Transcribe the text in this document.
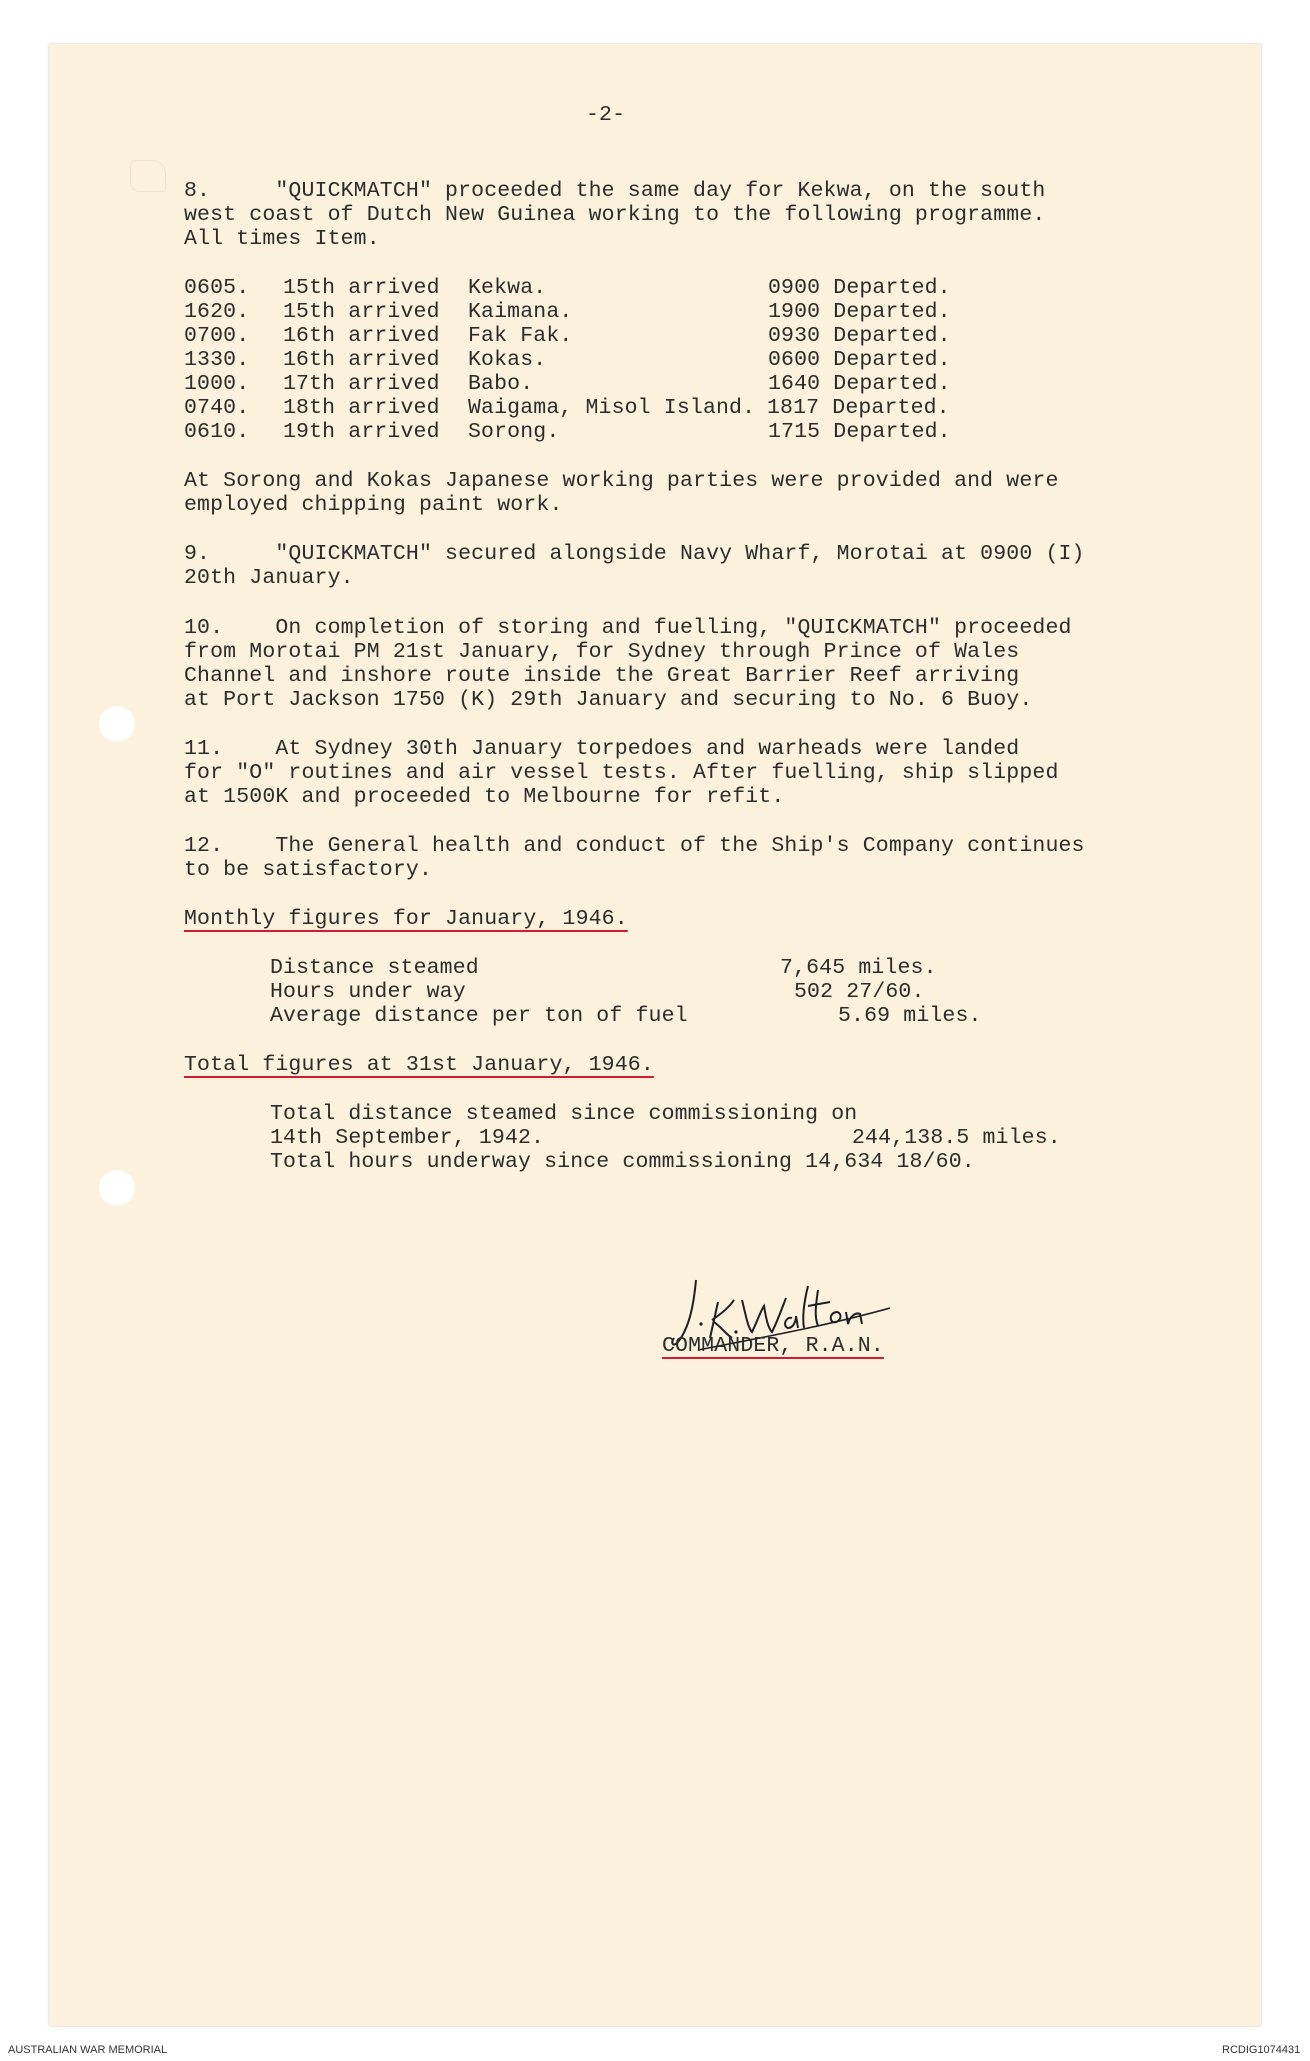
-2-
8.     "QUICKMATCH" proceeded the same day for Kekwa, on the south
west coast of Dutch New Guinea working to the following programme.
All times Item.
0605. 15th arrived Kekwa.	0900 Departed.
1620. 15th arrived Kaimana.	1900 Departed.
0700. 16th arrived Fak Fak.	0930 Departed.
1330. 16th arrived Kokas.	0600 Departed.
1000. 17th arrived Babo.	1640 Departed.
0740. 18th arrived Waigama, Misol Island. 1817 Departed.
0610. 19th arrived Sorong.	1715 Departed.
At Sorong and Kokas Japanese working parties were provided and were
employed chipping paint work.
9.     "QUICKMATCH" secured alongside Navy Wharf, Morotai at 0900 (I)
20th January.
10.    On completion of storing and fuelling, "QUICKMATCH" proceeded
from Morotai PM 21st January, for Sydney through Prince of Wales
Channel and inshore route inside the Great Barrier Reef arriving
at Port Jackson 1750 (K) 29th January and securing to No. 6 Buoy.
11.    At Sydney 30th January torpedoes and warheads were landed
for "O" routines and air vessel tests. After fuelling, ship slipped
at 1500K and proceeded to Melbourne for refit.
12.    The General health and conduct of the Ship's Company continues
to be satisfactory.
Monthly figures for January, 1946.
Distance steamed	7,645 miles.
Hours under way	502 27/60.
Average distance per ton of fuel	5.69 miles.
Total figures at 31st January, 1946.
Total distance steamed since commissioning on
14th September, 1942.	244,138.5 miles.
Total hours underway since commissioning 14,634 18/60.
COMMANDER, R.A.N.
AUSTRALIAN WAR MEMORIAL	RCDIG1074431
